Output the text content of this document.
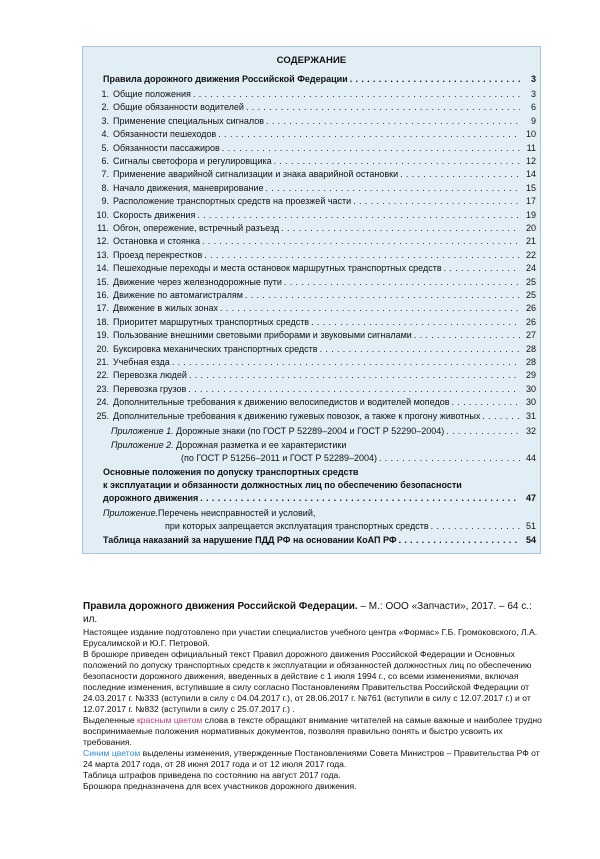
СОДЕРЖАНИЕ
Правила дорожного движения Российской Федерации . . .	3
1. Общие положения . . .	3
2. Общие обязанности водителей . . .	6
3. Применение специальных сигналов . . .	9
4. Обязанности пешеходов . . .	10
5. Обязанности пассажиров . . .	11
6. Сигналы светофора и регулировщика . . .	12
7. Применение аварийной сигнализации и знака аварийной остановки . . .	14
8. Начало движения, маневрирование . . .	15
9. Расположение транспортных средств на проезжей части . . .	17
10. Скорость движения . . .	19
11. Обгон, опережение, встречный разъезд . . .	20
12. Остановка и стоянка . . .	21
13. Проезд перекрестков . . .	22
14. Пешеходные переходы и места остановок маршрутных транспортных средств . . .	24
15. Движение через железнодорожные пути . . .	25
16. Движение по автомагистралям . . .	25
17. Движение в жилых зонах . . .	26
18. Приоритет маршрутных транспортных средств . . .	26
19. Пользование внешними световыми приборами и звуковыми сигналами . . .	27
20. Буксировка механических транспортных средств . . .	28
21. Учебная езда . . .	28
22. Перевозка людей . . .	29
23. Перевозка грузов . . .	30
24. Дополнительные требования к движению велосипедистов и водителей мопедов . . .	30
25. Дополнительные требования к движению гужевых повозок, а также к прогону животных . . .	31
Приложение 1. Дорожные знаки (по ГОСТ Р 52289–2004 и ГОСТ Р 52290–2004) . . .	32
Приложение 2. Дорожная разметка и ее характеристики
(по ГОСТ Р 51256–2011 и ГОСТ Р 52289–2004) . . .	44
Основные положения по допуску транспортных средств
к эксплуатации и обязанности должностных лиц по обеспечению безопасности
дорожного движения . . .	47
Приложение. Перечень неисправностей и условий,
при которых запрещается эксплуатация транспортных средств . . .	51
Таблица наказаний за нарушение ПДД РФ на основании КоАП РФ . . .	54

Правила дорожного движения Российской Федерации. – М.: ООО «Запчасти», 2017. – 64 с.: ил.

Настоящее издание подготовлено при участии специалистов учебного центра «Формас» Г.Б. Громоковского, Л.А. Ерусалимской и Ю.Г. Петровой.

В брошюре приведен официальный текст Правил дорожного движения Российской Федерации и Основных положений по допуску транспортных средств к эксплуатации и обязанностей должностных лиц по обеспечению безопасности дорожного движения, введенных в действие с 1 июля 1994 г., со всеми изменениями, включая последние изменения, вступившие в силу согласно Постановлениям Правительства Российской Федерации от 24.03.2017 г. №333 (вступили в силу с 04.04.2017 г.), от 28.06.2017 г. №761 (вступили в силу с 12.07.2017 г.) и от 12.07.2017 г. №832 (вступили в силу с 25.07.2017 г.) .

Выделенные красным цветом слова в тексте обращают внимание читателей на самые важные и наиболее трудно воспринимаемые положения нормативных документов, позволяя правильно понять и быстро усвоить их требования.

Синим цветом выделены изменения, утвержденные Постановлениями Совета Министров – Правительства РФ от 24 марта 2017 года, от 28 июня 2017 года и от 12 июля 2017 года.

Таблица штрафов приведена по состоянию на август 2017 года.

Брошюра предназначена для всех участников дорожного движения.
